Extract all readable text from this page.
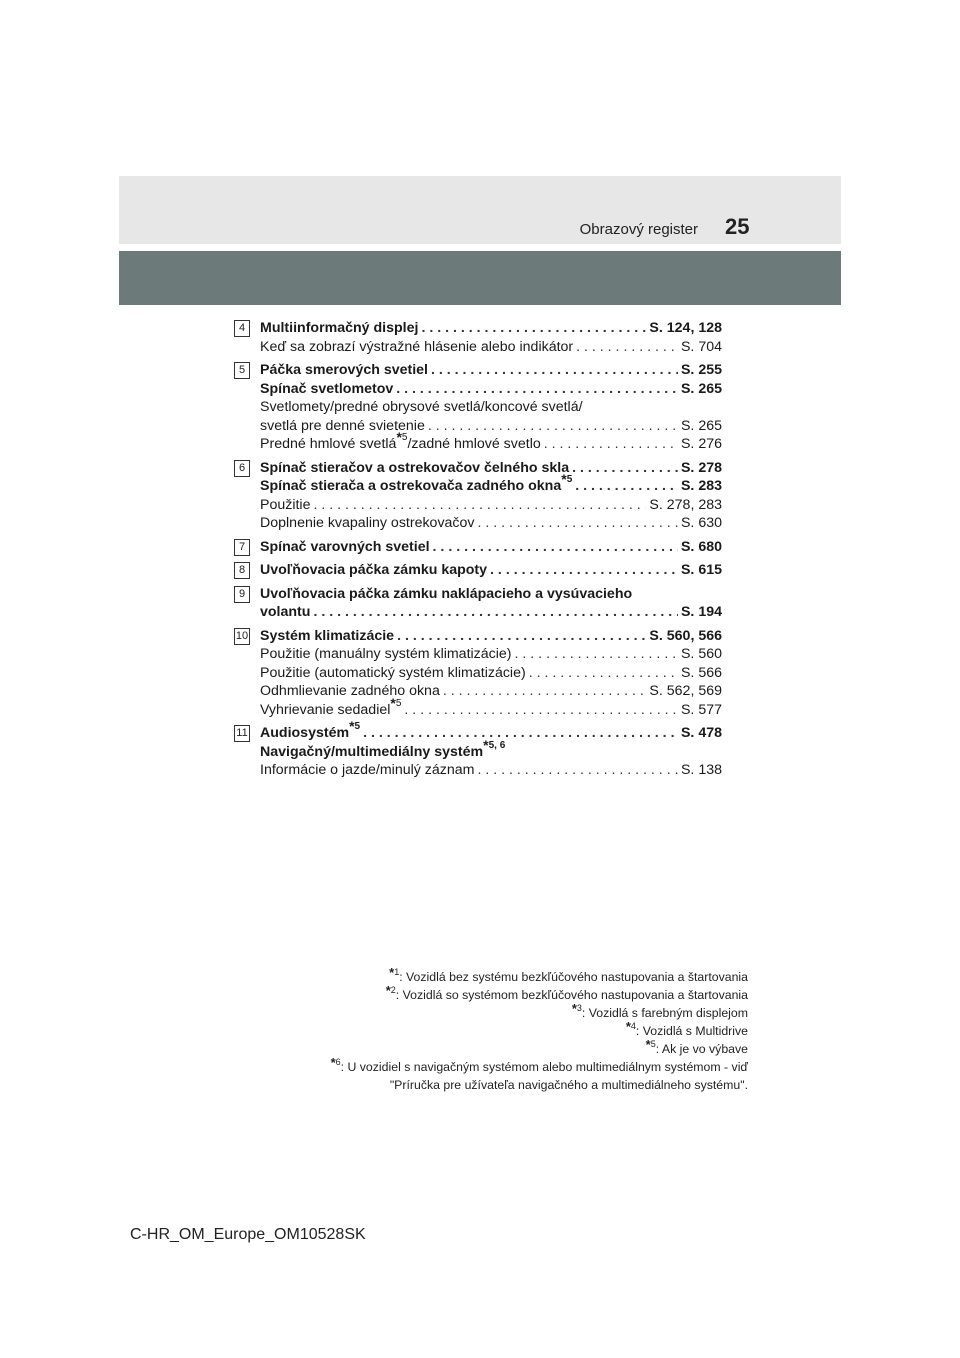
Obrazový register 25
4	Multiinformačný displej . . .	S. 124, 128
Keď sa zobrazí výstražné hlásenie alebo indikátor . . .	S. 704
5	Páčka smerových svetiel . . .	S. 255
Spínač svetlometov . . .	S. 265
Svetlomety/predné obrysové svetlá/koncové svetlá/
svetlá pre denné svietenie . . .	S. 265
Predné hmlové svetlá*$^5$/zadné hmlové svetlo . . .	S. 276
6	Spínač stieračov a ostrekovačov čelného skla . . .	S. 278
Spínač stierača a ostrekovača zadného okna*$^5$ . . .	S. 283
Použitie . . .	S. 278, 283
Doplnenie kvapaliny ostrekovačov . . .	S. 630
7	Spínač varovných svetiel . . .	S. 680
8	Uvoľňovacia páčka zámku kapoty . . .	S. 615
9	Uvoľňovacia páčka zámku naklápacieho a vysúvacieho
volantu . . .	S. 194
10 Systém klimatizácie . . .	S. 560, 566
Použitie (manuálny systém klimatizácie) . . .	S. 560
Použitie (automatický systém klimatizácie) . . .	S. 566
Odhmlievanie zadného okna . . .	S. 562, 569
Vyhrievanie sedadiel*$^5$ . . .	S. 577
11 Audiosystém*$^5$ . . .	S. 478
Navigačný/multimediálny systém*$^{5, 6}$
Informácie o jazde/minulý záznam . . .	S. 138
*$^1$: Vozidlá bez systému bezkľúčového nastupovania a štartovania
*$^2$: Vozidlá so systémom bezkľúčového nastupovania a štartovania
*$^3$: Vozidlá s farebným displejom
*$^4$: Vozidlá s Multidrive
*$^5$: Ak je vo výbave
*$^6$: U vozidiel s navigačným systémom alebo multimediálnym systémom - viď
"Príručka pre užívateľa navigačného a multimediálneho systému".
C-HR_OM_Europe_OM10528SK
